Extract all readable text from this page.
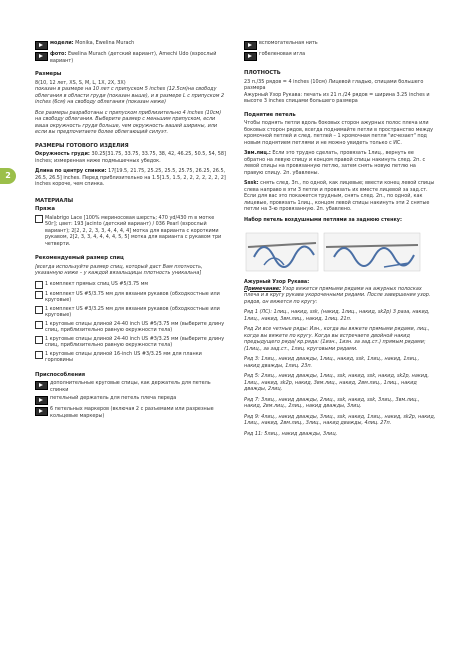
2
модели: Monika, Ewelina Murach
фото: Ewelina Murach (детский вариант), Amechi Udo (взрослый вариант)
Размеры
8(10, 12 лет, XS, S, M, L, 1X, 2X, 3X)
показан в размере на 10 лет с припуском 5 inches (12.5см)на свободу облегания в области груди (показан выше), и в размере L с припуском 2 inches (6см) на свободу облегания (показан ниже)
Все размеры разработаны с припуском приблизительно 4 inches (10см) на свободу облегания. Выберите размер с меньшим припуском, если ваша окружность груди больше, чем окружность вашей ширины, или если вы предпочитаете более облегающий силуэт.
РАЗМЕРЫ ГОТОВОГО ИЗДЕЛИЯ
Окружность груди: 30.25[31.75, 33.75, 33.75, 38, 42, 46.25, 50.5, 54, 58] inches; измеренная ниже подмышечных убедок.
Длина по центру спинки: 17[19.5, 21.75, 25.25, 25.5, 25.75, 26.25, 26.5, 26.5, 26.5] inches. Перед приблизительно на 1.5[1.5, 1.5, 2, 2, 2, 2, 2, 2, 2] inches короче, чем спинка.
МАТЕРИАЛЫ
Пряжа
Malabrigo Lace [100% мериносовая шерсть; 470 yd/430 m в мотке 50г]; цвет: 193 Jacinto (детский вариант) / 036 Pearl (взрослый вариант); 2[2, 2, 2, 3, 3, 4, 4, 4, 4] мотка для варианта с короткими рукавом, 2[2, 3, 3, 4, 4, 4, 4, 5, 5] мотка для варианта с рукавом три четверти.
Рекомендуемый размер спиц
[всегда используйте размер спиц, который даст Вам плотность, указанную ниже – у каждой вязальщицы плотность уникальна]
1 комплект прямых спиц US #5/3.75 мм
1 комплект US #5/3.75 мм для вязания рукавов (обходкостные или круговые)
1 комплект US #3/3.25 мм для вязания рукавов (обходкостные или круговые)
1 круговые спицы длиной 24-40 inch US #5/3.75 мм (выберите длину спиц, приблизительно равную окружности тела)
1 круговые спицы длиной 24-40 inch US #3/3.25 мм (выберите длину спиц, приблизительно равную окружности тела)
1 круговые спицы длиной 16-inch US #3/3.25 мм для планки горловины
Приспособления
дополнительные круговые спицы, как держатель для петель спинки
петельный держатель для петель плеча переда
6 петельных маркеров (включая 2 с разъемами или разрезные кольцевые маркеры)
вспомогательная нить
гобеленовая игла
ПЛОТНОСТЬ
23 п./35 рядов = 4 inches (10см) Лицевой гладью, спицами большего размера
Ажурный Узор Рукава: печать из 21 п./24 рядов = ширина 3.25 inches и высоте 3 inches спицами большего размера
Поднятие петель
Чтобы поднять петли вдоль боковых сторон ажурных полос плеча или боковых сторон рядов, всегда поднимайте петли в пространство между кромочной петлей и след. петлей – 1 кромочная петля "исчезает" под новым поднятием петлями и не можно увидеть только с ИС.
3вм.лиц.: Если это трудно сделать, провязать 1лиц., вернуть ее обратно на левую спицу и концом правой спицы накинуть след. 2п. с левой спицы на провязанную петлю, затем снять новую петлю на правую спицу. 2п. убавлены.
Sssk: снять след. 3п., по одной, как лицевые; ввести конец левой спицы слева направо в эти 3 петли и провязать их вместе лицевой за зад.ст. Если для вас это покажется трудным, снять след. 2п., по одной, как лицевые, провязать 1лиц., концом левой спицы накинуть эти 2 снятые петли на 3-ю провязанную. 2п. убавлено.
Набор петель воздушными петлями за заднюю стенку:
Ажурный Узор Рукава:
Примечание: Узор вяжется прямыми рядами на ажурных полосках плеча и в кругу рукава укороченными рядами. После завершения узор. рядов, он вяжется по кругу:
Ряд 1 (ЛС): 1лиц., накид, ssk, (накид, 1лиц., накид, sk2p) 3 раза, накид, 1лиц., накид, 3вм.лиц., накид, 1лиц. 21п.
Ряд 2и все четные ряды: Изн., когда вы вяжете прямыми рядами, лиц., когда вы вяжете по кругу. Когда вы встречаете двойной накид предыдущего ряда/ кр.ряда: (1изн., 1изн. за зад.ст.) прямым рядами; (1лиц., за зад.ст., 1лиц. круговыми рядами.
Ряд 3: 1лиц., накид дважды, 1лиц., накид, ssk, 1лиц., накид, 1лиц., накид дважды, 1лиц. 23п.
Ряд 5: 2лиц., накид дважды, 1лиц., ssk, накид, ssk, накид, sk2p, накид, 1лиц., накид, sk2p, накид, 3вм.лиц., накид, 2вм.лиц., 1лиц., накид дважды, 2лиц.
Ряд 7: 3лиц., накид дважды, 2лиц., ssk, накид, ssk, 3лиц., 3вм.лиц., накид, 2вм.лиц., 2лиц., накид дважды, 3лиц.
Ряд 9: 4лиц., накид дважды, 3лиц., ssk, накид, 1лиц., накид, sk2p, накид, 1лиц., накид, 2вм.лиц., 3лиц., накид дважды, 4лиц. 27п.
Ряд 11: 5лиц., накид дважды, 3лиц.
